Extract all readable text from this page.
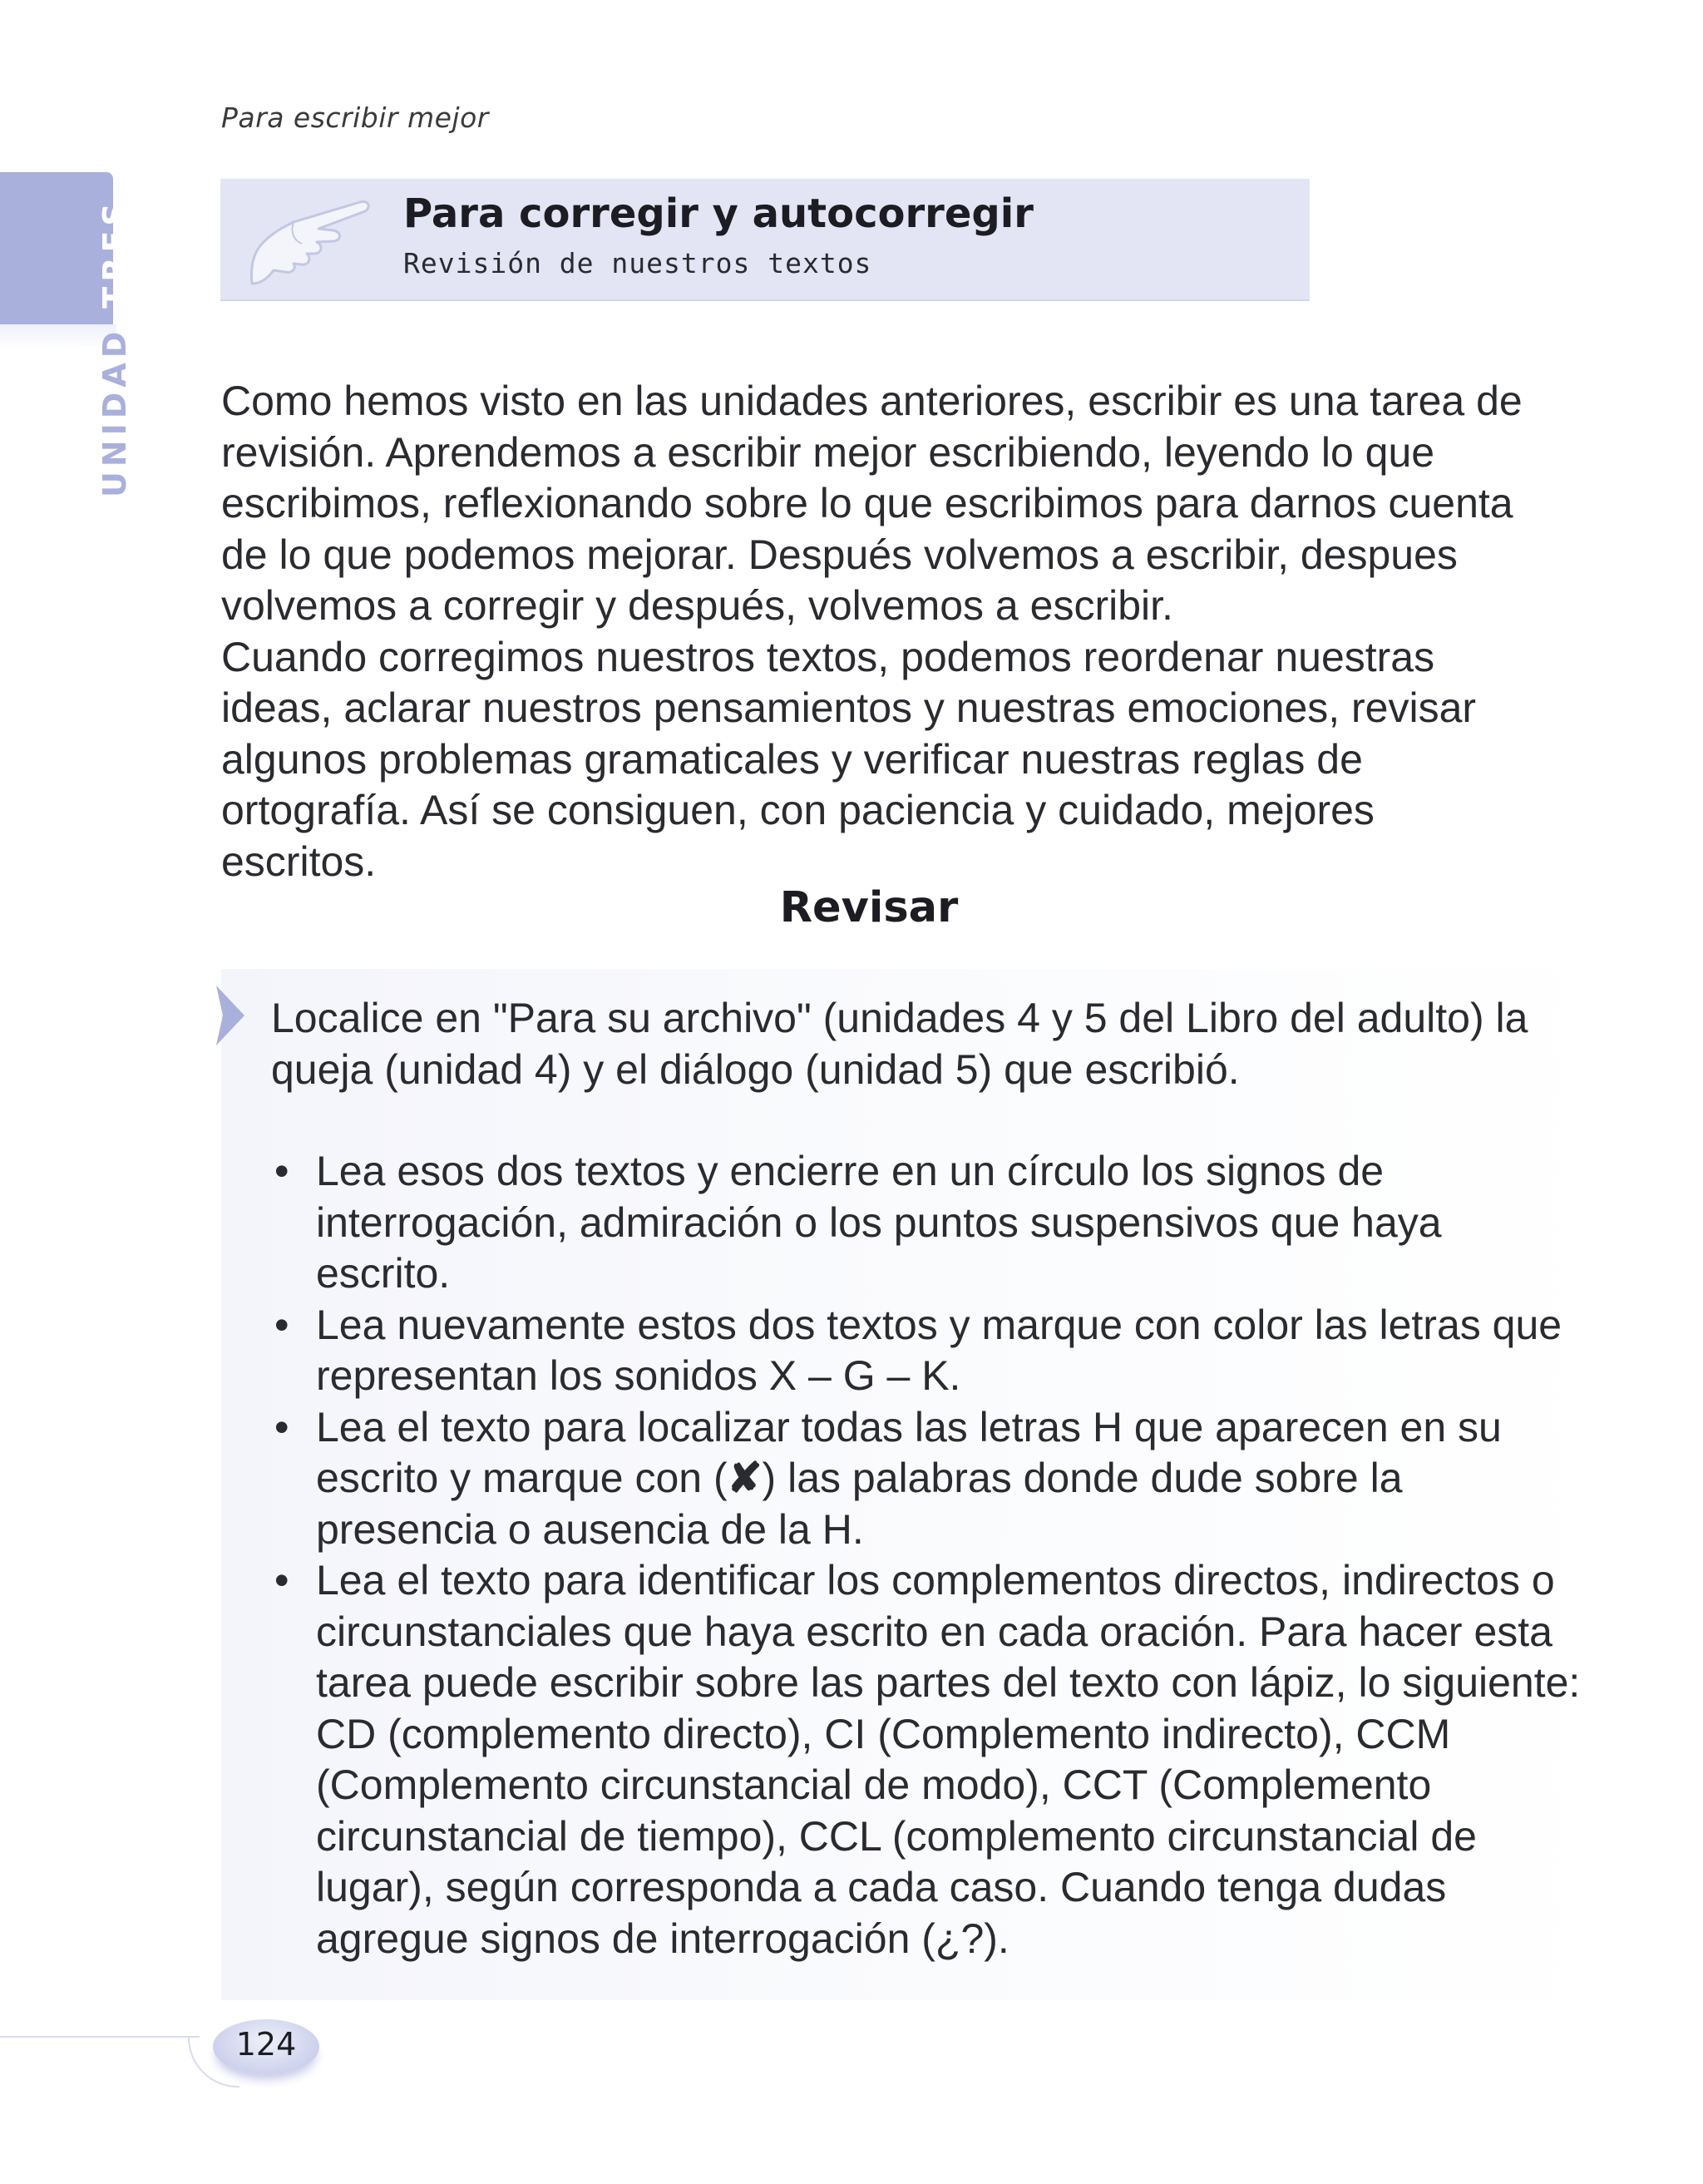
Para escribir mejor
UNIDADTRES	Para corregir y autocorregir
Revisión de nuestros textos

Como hemos visto en las unidades anteriores, escribir es una tarea de revisión. Aprendemos a escribir mejor escribiendo, leyendo lo que escribimos, reflexionando sobre lo que escribimos para darnos cuenta de lo que podemos mejorar. Después volvemos a escribir, despues volvemos a corregir y después, volvemos a escribir.

Cuando corregimos nuestros textos, podemos reordenar nuestras ideas, aclarar nuestros pensamientos y nuestras emociones, revisar algunos problemas gramaticales y verificar nuestras reglas de ortografía. Así se consiguen, con paciencia y cuidado, mejores escritos.

Revisar
Localice en "Para su archivo" (unidades 4 y 5 del Libro del adulto) la queja (unidad 4) y el diálogo (unidad 5) que escribió.
• Lea esos dos textos y encierre en un círculo los signos de interrogación, admiración o los puntos suspensivos que haya escrito.
• Lea nuevamente estos dos textos y marque con color las letras que representan los sonidos X – G – K.
• Lea el texto para localizar todas las letras H que aparecen en su escrito y marque con (✘) las palabras donde dude sobre la presencia o ausencia de la H.
• Lea el texto para identificar los complementos directos, indirectos o circunstanciales que haya escrito en cada oración. Para hacer esta tarea puede escribir sobre las partes del texto con lápiz, lo siguiente: CD (complemento directo), CI (Complemento indirecto), CCM (Complemento circunstancial de modo), CCT (Complemento circunstancial de tiempo), CCL (complemento circunstancial de lugar), según corresponda a cada caso. Cuando tenga dudas agregue signos de interrogación (¿?).
124
